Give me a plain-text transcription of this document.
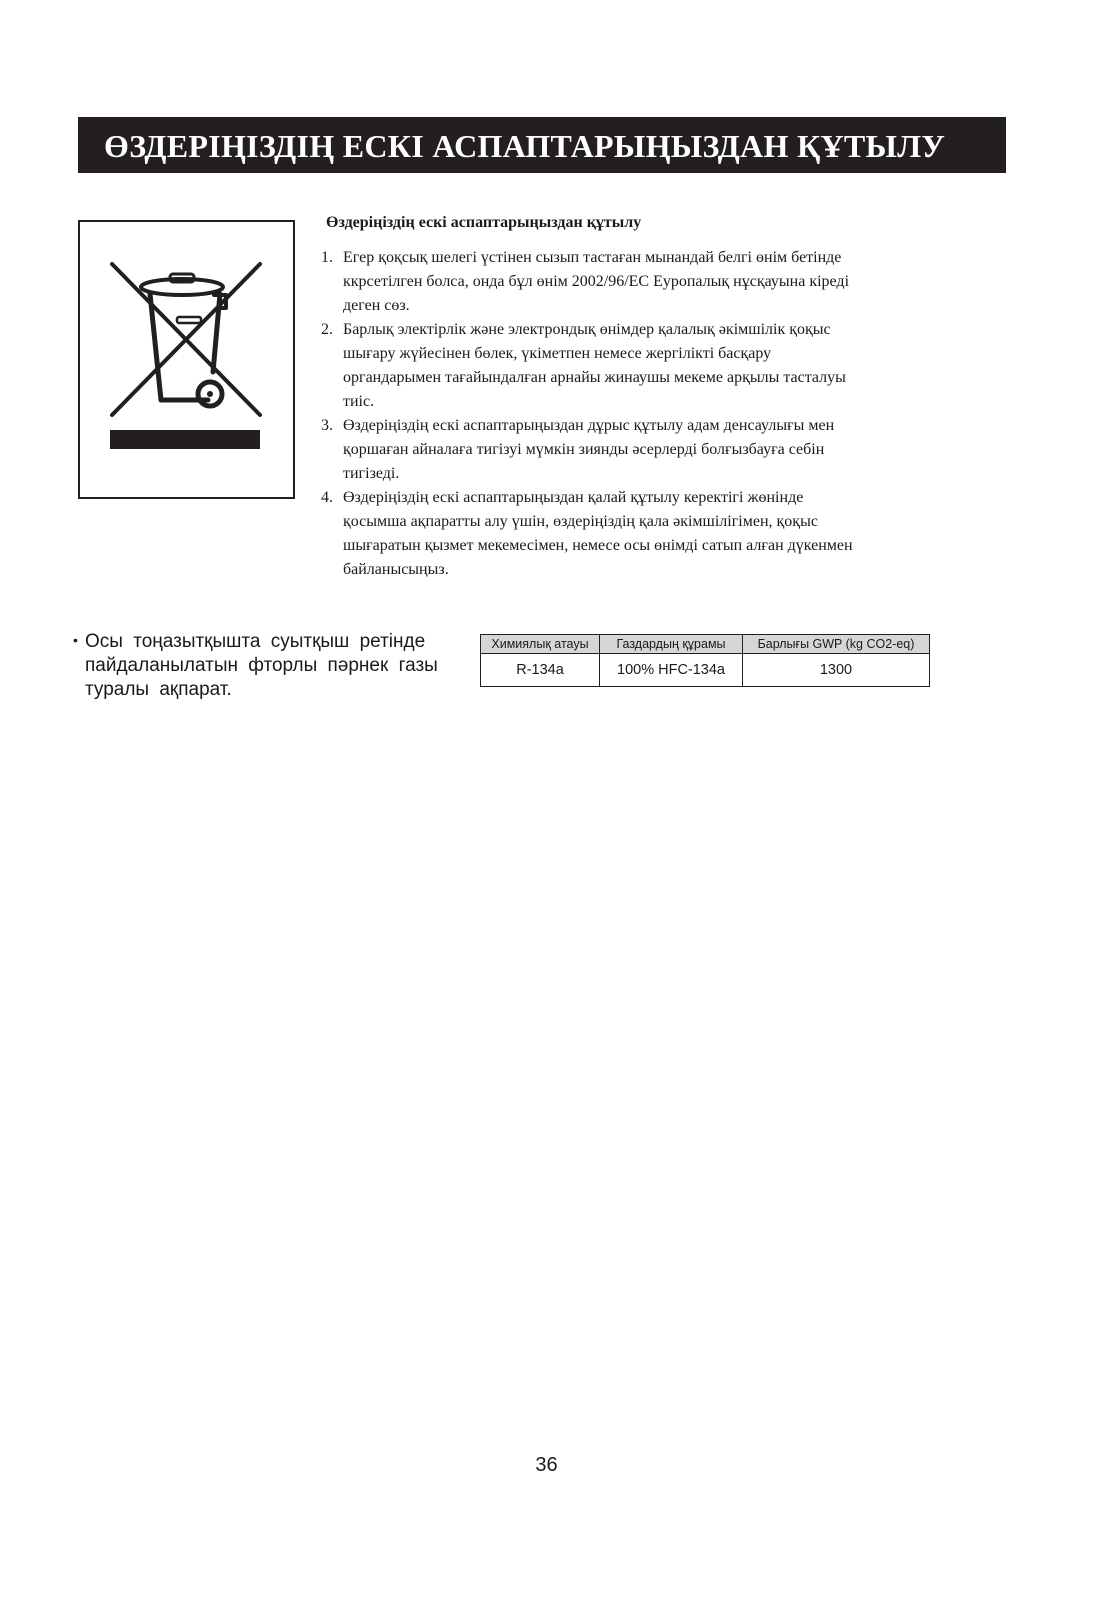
ӨЗДЕРІҢІЗДІҢ ЕСКІ АСПАПТАРЫҢЫЗДАН ҚҰТЫЛУ
Өздеріңіздің ескі аспаптарыңыздан құтылу
1. Егер қоқсық шелегі үстінен сызып тастаған мынандай белгі өнім бетінде
ккрсетілген болса, онда бұл өнім 2002/96/EC Еуропалық нұсқауына кіреді
деген сөз.
2. Барлық электірлік және электрондық өнімдер қалалық әкімшілік қоқыс
шығару жүйесінен бөлек, үкіметпен немесе жергілікті басқару
органдарымен тағайындалған арнайы жинаушы мекеме арқылы тасталуы
тиіс.
3. Өздеріңіздің ескі аспаптарыңыздан дұрыс құтылу адам денсаулығы мен
қоршаған айналаға тигізуі мүмкін зиянды әсерлерді болғызбауға себін
тигізеді.
4. Өздеріңіздің ескі аспаптарыңыздан қалай құтылу керектігі жөнінде
қосымша ақпаратты алу үшін, өздеріңіздің қала әкімшілігімен, қоқыс
шығаратын қызмет мекемесімен, немесе осы өнімді сатып алған дүкенмен
байланысыңыз.
• Осы тоңазытқышта суытқыш ретінде
пайдаланылатын фторлы пәрнек газы
туралы ақпарат.
Химиялық атауы	Газдардың құрамы	Барлығы GWP (kg CO2-eq)
R-134a	100% HFC-134a	1300
36
